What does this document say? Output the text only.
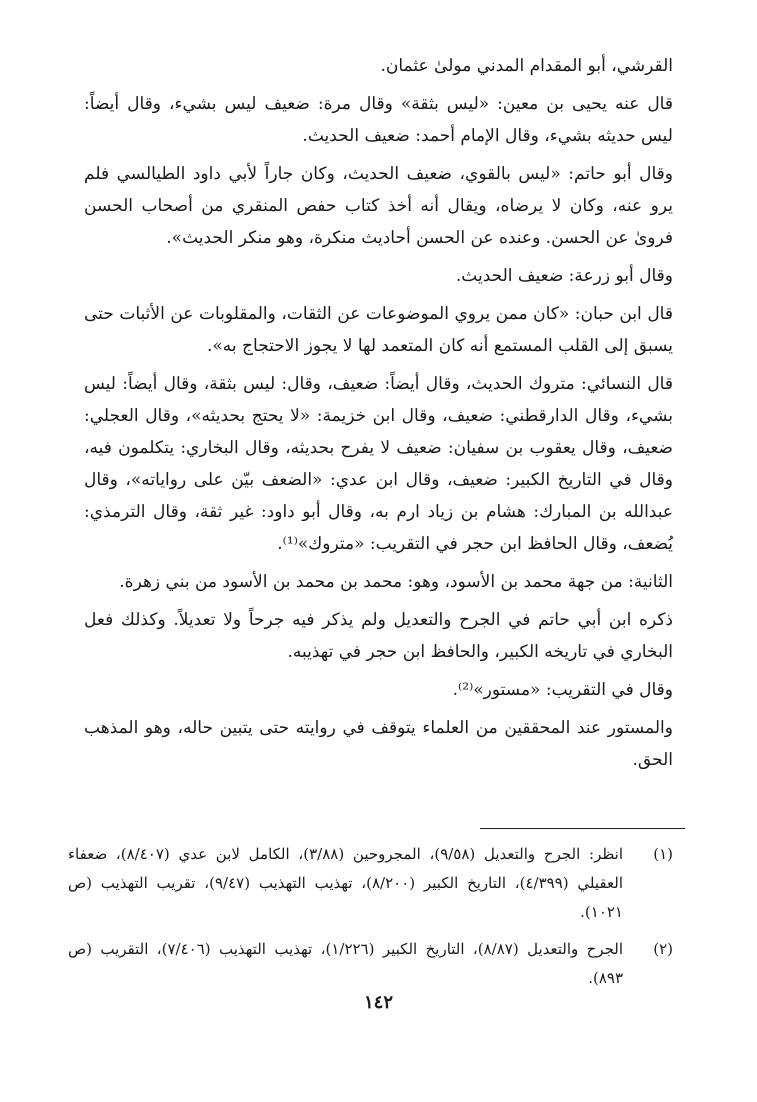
القرشي، أبو المقدام المدني مولىٰ عثمان.

قال عنه يحيى بن معين: «ليس بثقة» وقال مرة: ضعيف ليس بشيء، وقال أيضاً: ليس حديثه بشيء، وقال الإمام أحمد: ضعيف الحديث.

وقال أبو حاتم: «ليس بالقوي، ضعيف الحديث، وكان جاراً لأبي داود الطيالسي فلم يرو عنه، وكان لا يرضاه، ويقال أنه أخذ كتاب حفص المنقري من أصحاب الحسن فروىٰ عن الحسن. وعنده عن الحسن أحاديث منكرة، وهو منكر الحديث».

وقال أبو زرعة: ضعيف الحديث.

قال ابن حبان: «كان ممن يروي الموضوعات عن الثقات، والمقلوبات عن الأثبات حتى يسبق إلى القلب المستمع أنه كان المتعمد لها لا يجوز الاحتجاج به».

قال النسائي: متروك الحديث، وقال أيضاً: ضعيف، وقال: ليس بثقة، وقال أيضاً: ليس بشيء، وقال الدارقطني: ضعيف، وقال ابن خزيمة: «لا يحتج بحديثه»، وقال العجلي: ضعيف، وقال يعقوب بن سفيان: ضعيف لا يفرح بحديثه، وقال البخاري: يتكلمون فيه، وقال في التاريخ الكبير: ضعيف، وقال ابن عدي: «الضعف بيّن على رواياته»، وقال عبدالله بن المبارك: هشام بن زياد ارم به، وقال أبو داود: غير ثقة، وقال الترمذي: يُضعف، وقال الحافظ ابن حجر في التقريب: «متروك»⁽¹⁾.

الثانية: من جهة محمد بن الأسود، وهو: محمد بن محمد بن الأسود من بني زهرة.

ذكره ابن أبي حاتم في الجرح والتعديل ولم يذكر فيه جرحاً ولا تعديلاً. وكذلك فعل البخاري في تاريخه الكبير، والحافظ ابن حجر في تهذيبه.

وقال في التقريب: «مستور»⁽²⁾.

والمستور عند المحققين من العلماء يتوقف في روايته حتى يتبين حاله، وهو المذهب الحق.

(١)
انظر: الجرح والتعديل (٩/٥٨)، المجروحين (٣/٨٨)، الكامل لابن عدي (٨/٤٠٧)، ضعفاء العقيلي (٤/٣٩٩)، التاريخ الكبير (٨/٢٠٠)، تهذيب التهذيب (٩/٤٧)، تقريب التهذيب (ص ١٠٢١).
(٢)
الجرح والتعديل (٨/٨٧)، التاريخ الكبير (١/٢٢٦)، تهذيب التهذيب (٧/٤٠٦)، التقريب (ص ٨٩٣).
١٤٢
